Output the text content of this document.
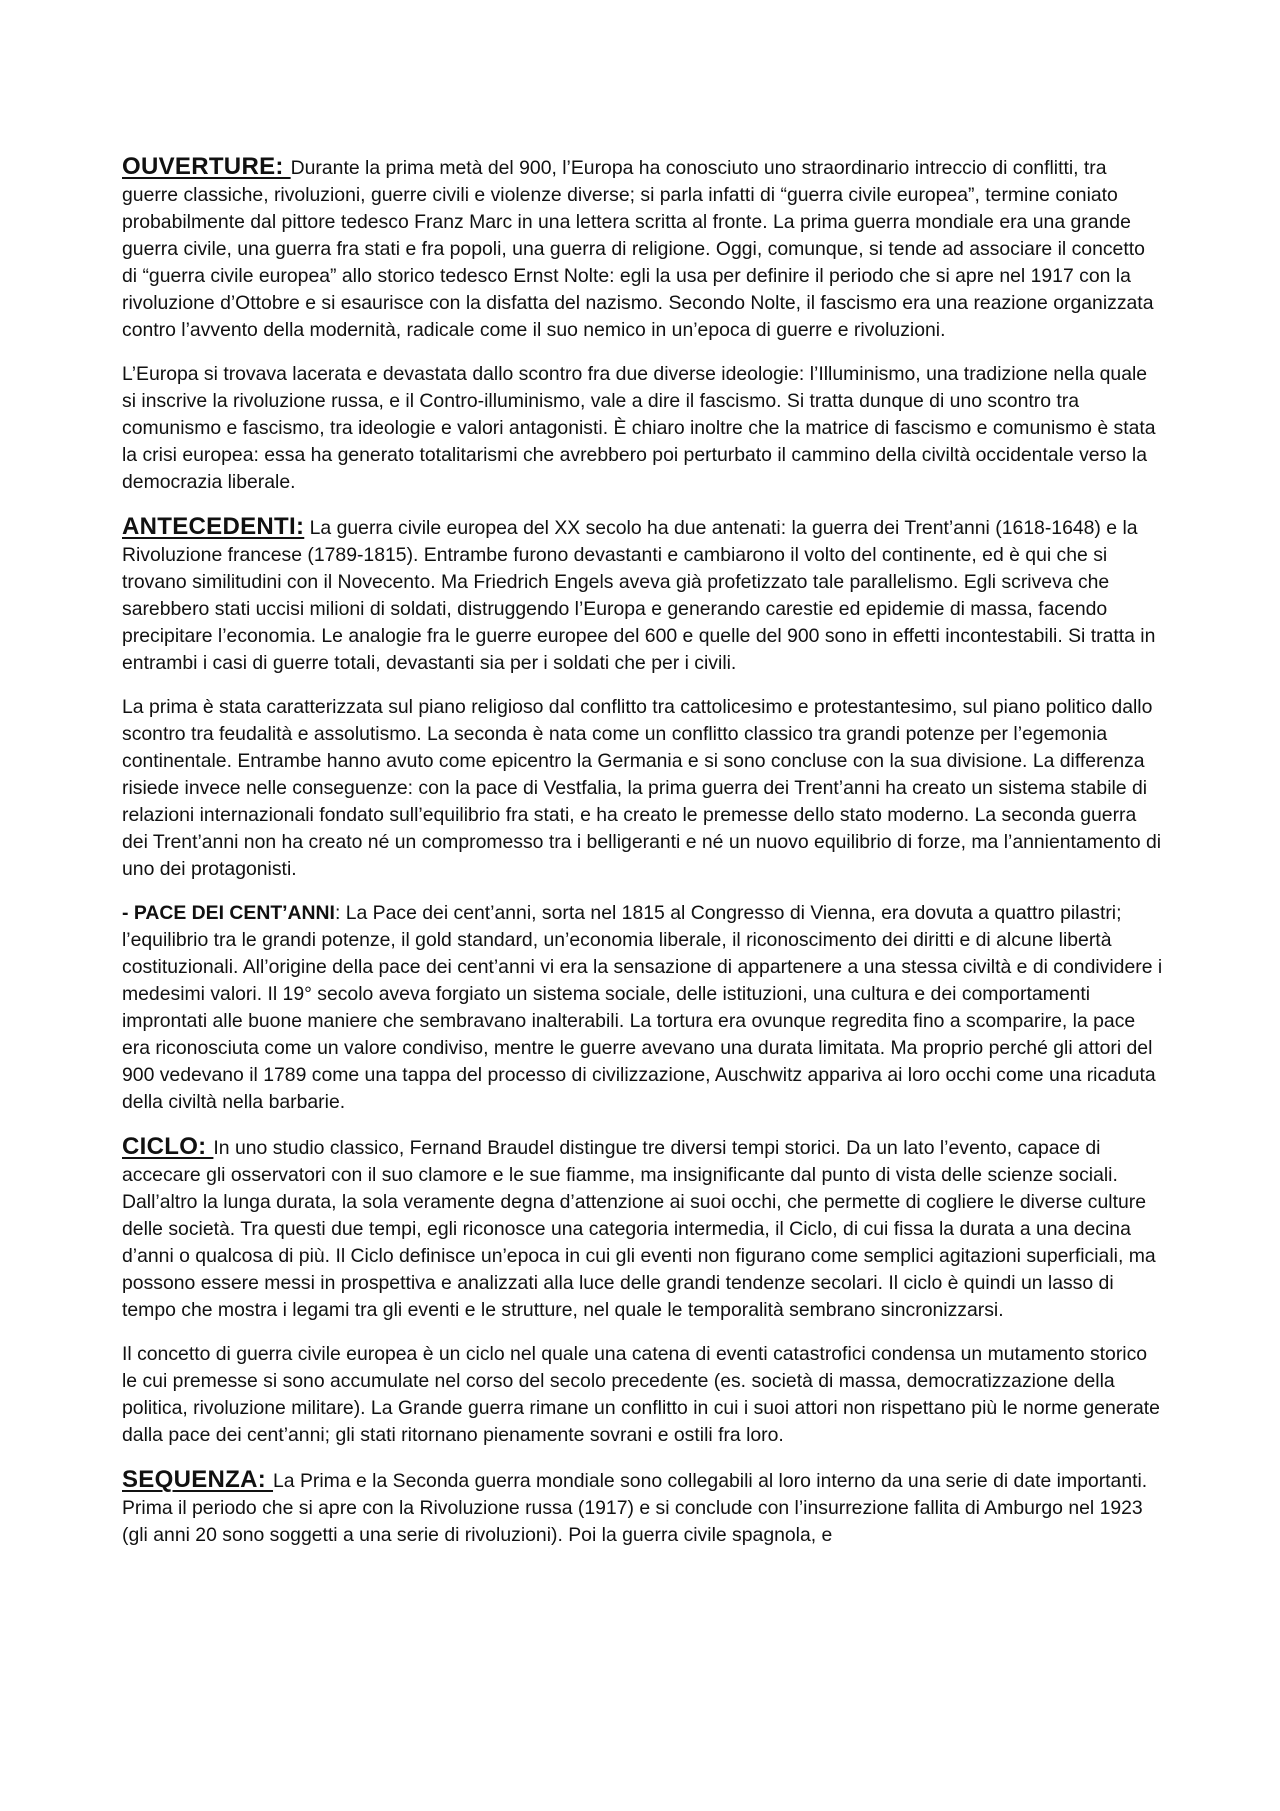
OUVERTURE: Durante la prima metà del 900, l’Europa ha conosciuto uno straordinario intreccio di conflitti, tra guerre classiche, rivoluzioni, guerre civili e violenze diverse; si parla infatti di “guerra civile europea”, termine coniato probabilmente dal pittore tedesco Franz Marc in una lettera scritta al fronte. La prima guerra mondiale era una grande guerra civile, una guerra fra stati e fra popoli, una guerra di religione. Oggi, comunque, si tende ad associare il concetto di “guerra civile europea” allo storico tedesco Ernst Nolte: egli la usa per definire il periodo che si apre nel 1917 con la rivoluzione d’Ottobre e si esaurisce con la disfatta del nazismo. Secondo Nolte, il fascismo era una reazione organizzata contro l’avvento della modernità, radicale come il suo nemico in un’epoca di guerre e rivoluzioni.

L’Europa si trovava lacerata e devastata dallo scontro fra due diverse ideologie: l’Illuminismo, una tradizione nella quale si inscrive la rivoluzione russa, e il Contro-illuminismo, vale a dire il fascismo. Si tratta dunque di uno scontro tra comunismo e fascismo, tra ideologie e valori antagonisti. È chiaro inoltre che la matrice di fascismo e comunismo è stata la crisi europea: essa ha generato totalitarismi che avrebbero poi perturbato il cammino della civiltà occidentale verso la democrazia liberale.

ANTECEDENTI: La guerra civile europea del XX secolo ha due antenati: la guerra dei Trent’anni (1618-1648) e la Rivoluzione francese (1789-1815). Entrambe furono devastanti e cambiarono il volto del continente, ed è qui che si trovano similitudini con il Novecento. Ma Friedrich Engels aveva già profetizzato tale parallelismo. Egli scriveva che sarebbero stati uccisi milioni di soldati, distruggendo l’Europa e generando carestie ed epidemie di massa, facendo precipitare l’economia. Le analogie fra le guerre europee del 600 e quelle del 900 sono in effetti incontestabili. Si tratta in entrambi i casi di guerre totali, devastanti sia per i soldati che per i civili.

La prima è stata caratterizzata sul piano religioso dal conflitto tra cattolicesimo e protestantesimo, sul piano politico dallo scontro tra feudalità e assolutismo. La seconda è nata come un conflitto classico tra grandi potenze per l’egemonia continentale. Entrambe hanno avuto come epicentro la Germania e si sono concluse con la sua divisione. La differenza risiede invece nelle conseguenze: con la pace di Vestfalia, la prima guerra dei Trent’anni ha creato un sistema stabile di relazioni internazionali fondato sull’equilibrio fra stati, e ha creato le premesse dello stato moderno. La seconda guerra dei Trent’anni non ha creato né un compromesso tra i belligeranti e né un nuovo equilibrio di forze, ma l’annientamento di uno dei protagonisti.

- PACE DEI CENT’ANNI: La Pace dei cent’anni, sorta nel 1815 al Congresso di Vienna, era dovuta a quattro pilastri; l’equilibrio tra le grandi potenze, il gold standard, un’economia liberale, il riconoscimento dei diritti e di alcune libertà costituzionali. All’origine della pace dei cent’anni vi era la sensazione di appartenere a una stessa civiltà e di condividere i medesimi valori. Il 19° secolo aveva forgiato un sistema sociale, delle istituzioni, una cultura e dei comportamenti improntati alle buone maniere che sembravano inalterabili. La tortura era ovunque regredita fino a scomparire, la pace era riconosciuta come un valore condiviso, mentre le guerre avevano una durata limitata. Ma proprio perché gli attori del 900 vedevano il 1789 come una tappa del processo di civilizzazione, Auschwitz appariva ai loro occhi come una ricaduta della civiltà nella barbarie.

CICLO: In uno studio classico, Fernand Braudel distingue tre diversi tempi storici. Da un lato l’evento, capace di accecare gli osservatori con il suo clamore e le sue fiamme, ma insignificante dal punto di vista delle scienze sociali. Dall’altro la lunga durata, la sola veramente degna d’attenzione ai suoi occhi, che permette di cogliere le diverse culture delle società. Tra questi due tempi, egli riconosce una categoria intermedia, il Ciclo, di cui fissa la durata a una decina d’anni o qualcosa di più. Il Ciclo definisce un’epoca in cui gli eventi non figurano come semplici agitazioni superficiali, ma possono essere messi in prospettiva e analizzati alla luce delle grandi tendenze secolari. Il ciclo è quindi un lasso di tempo che mostra i legami tra gli eventi e le strutture, nel quale le temporalità sembrano sincronizzarsi.

Il concetto di guerra civile europea è un ciclo nel quale una catena di eventi catastrofici condensa un mutamento storico le cui premesse si sono accumulate nel corso del secolo precedente (es. società di massa, democratizzazione della politica, rivoluzione militare). La Grande guerra rimane un conflitto in cui i suoi attori non rispettano più le norme generate dalla pace dei cent’anni; gli stati ritornano pienamente sovrani e ostili fra loro.

SEQUENZA: La Prima e la Seconda guerra mondiale sono collegabili al loro interno da una serie di date importanti. Prima il periodo che si apre con la Rivoluzione russa (1917) e si conclude con l’insurrezione fallita di Amburgo nel 1923 (gli anni 20 sono soggetti a una serie di rivoluzioni). Poi la guerra civile spagnola, e
